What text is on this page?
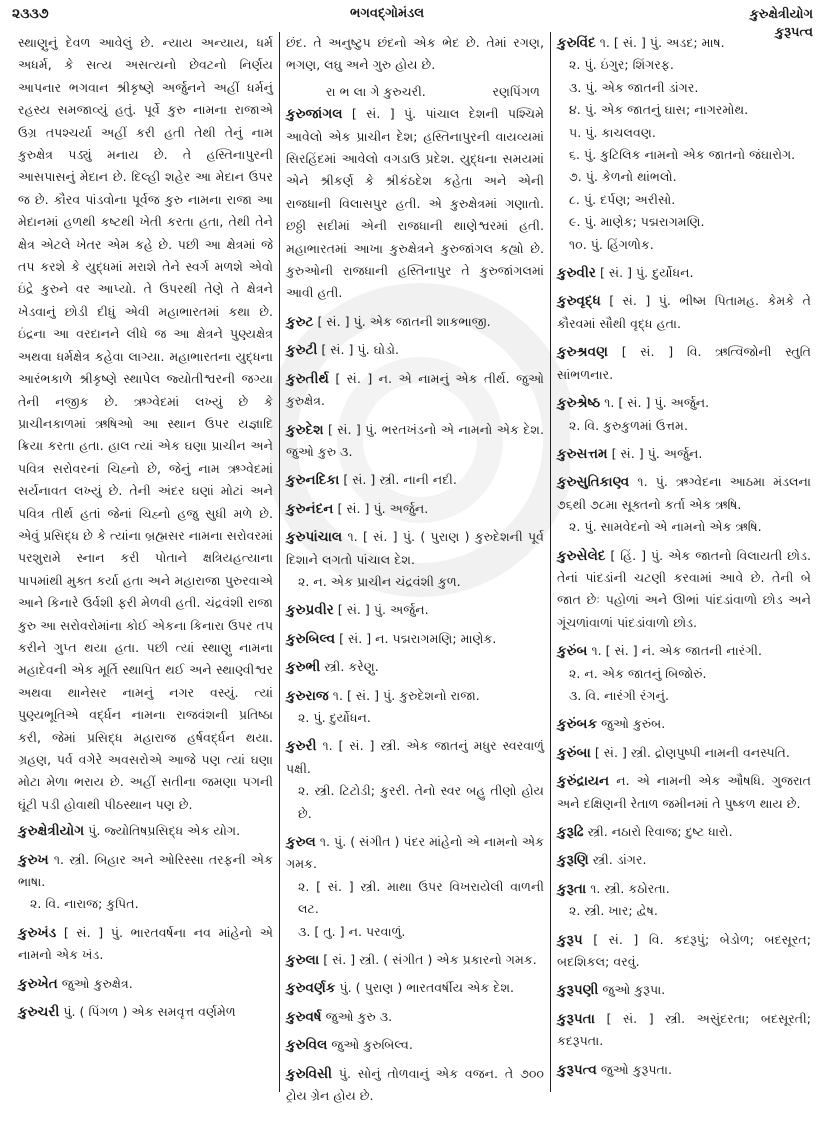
૨૩૩૭	ભગવદ્ગોમંડલ	કુરુક્ષેત્રીયોગ
કુરૂપત્વ

સ્થાણુનું દેવળ આવેલું છે. ન્યાય અન્યાય, ધર્મ અધર્મ, કે સત્ય અસત્યનો છેવટનો નિર્ણય આપનાર ભગવાન શ્રીકૃષ્ણે અર્જુનને અહીં ધર્મનું રહસ્ય સમજાવ્યું હતું. પૂર્વે કુરુ નામના રાજાએ ઉગ્ર તપશ્ચર્યા અહીં કરી હતી તેથી તેનું નામ કુરુક્ષેત્ર પડ્યું મનાય છે. તે હસ્તિનાપુરની આસપાસનું મેદાન છે. દિલ્હી શહેર આ મેદાન ઉપર જ છે. કૌરવ પાંડવોના પૂર્વજ કુરુ નામના રાજા આ મેદાનમાં હળથી કષ્ટથી ખેતી કરતા હતા, તેથી તેને ક્ષેત્ર એટલે ખેતર એમ કહે છે. પછી આ ક્ષેત્રમાં જે તપ કરશે કે યુદ્ધમાં મરાશે તેને સ્વર્ગ મળશે એવો ઇંદ્રે કુરુને વર આપ્યો. તે ઉપરથી તેણે તે ક્ષેત્રને ખેડવાનું છોડી દીધું એવી મહાભારતમાં કથા છે. ઇંદ્રના આ વરદાનને લીધે જ આ ક્ષેત્રને પુણ્યક્ષેત્ર અથવા ધર્મક્ષેત્ર કહેવા લાગ્યા. મહાભારતના યુદ્ધના આરંભકાળે શ્રીકૃષ્ણે સ્થાપેલ જ્યોતીશ્વરની જગ્યા તેની નજીક છે. ઋગ્વેદમાં લખ્યું છે કે પ્રાચીનકાળમાં ઋષિઓ આ સ્થાન ઉપર યજ્ઞાદિ ક્રિયા કરતા હતા. હાલ ત્યાં એક ઘણા પ્રાચીન અને પવિત્ર સરોવરનાં ચિહ્નો છે, જેનું નામ ઋગ્વેદમાં સર્યનાવત લખ્યું છે. તેની અંદર ઘણાં મોટાં અને પવિત્ર તીર્થ હતાં જેનાં ચિહ્નો હજુ સુધી મળે છે. એવું પ્રસિદ્ધ છે કે ત્યાંના બ્રહ્મસર નામના સરોવરમાં પરશુરામે સ્નાન કરી પોતાને ક્ષત્રિયહત્યાના પાપમાંથી મુક્ત કર્યા હતા અને મહારાજા પુરુરવાએ આને કિનારે ઉર્વશી ફરી મેળવી હતી. ચંદ્રવંશી રાજા કુરુ આ સરોવરોમાંના કોઈ એકના કિનારા ઉપર તપ કરીને ગુપ્ત થયા હતા. પછી ત્યાં સ્થાણુ નામના મહાદેવની એક મૂર્તિ સ્થાપિત થઈ અને સ્થાણ્વીશ્વર અથવા થાનેસર નામનું નગર વસ્યું. ત્યાં પુણ્યભૂતિએ વર્દ્ધન નામના રાજવંશની પ્રતિષ્ઠા કરી, જેમાં પ્રસિદ્ધ મહારાજ હર્ષવર્દ્ધન થયા. ગ્રહણ, પર્વ વગેરે અવસરોએ આજે પણ ત્યાં ઘણા મોટા મેળા ભરાય છે. અહીં સતીના જમણા પગની ઘૂંટી પડી હોવાથી પીઠસ્થાન પણ છે.

કુરુક્ષેત્રીયોગ પું. જ્યોતિષપ્રસિદ્ધ એક યોગ.
કુરુખ ૧. સ્ત્રી. બિહાર અને ઓરિસ્સા તરફની એક ભાષા.
૨. વિ. નારાજ; કુપિત.
કુરુખંડ [ સં. ] પું. ભારતવર્ષના નવ માંહેનો એ નામનો એક ખંડ.
કુરુખેત જુઓ કુરુક્ષેત્ર.
કુરુચરી પું. ( પિંગળ ) એક સમવૃત્ત વર્ણમેળ

છંદ. તે અનુષ્ટુપ છંદનો એક ભેદ છે. તેમાં રગણ, ભગણ, લઘુ અને ગુરુ હોય છે.

રા ભ લા ગે કુરુચરી.	રણપિંગળ
કુરુજાંગલ [ સં. ] પું. પાંચાલ દેશની પશ્ચિમે આવેલો એક પ્રાચીન દેશ; હસ્તિનાપુરની વાયવ્યમાં સિરહિંદમાં આવેલો વગડાઉ પ્રદેશ. યુદ્ધના સમયમાં એને શ્રીકર્ણ કે શ્રીકંઠદેશ કહેતા અને એની રાજધાની વિલાસપુર હતી. એ કુરુક્ષેત્રમાં ગણાતો. છઠ્ઠી સદીમાં એની રાજધાની થાણેશ્વરમાં હતી. મહાભારતમાં આખા કુરુક્ષેત્રને કુરુજાંગલ કહ્યો છે. કુરુઓની રાજધાની હસ્તિનાપુર તે કુરુજાંગલમાં આવી હતી.
કુરુટ [ સં. ] પું. એક જાતની શાકભાજી.
કુરુટી [ સં. ] પું. ઘોડો.
કુરુતીર્થ [ સં. ] ન. એ નામનું એક તીર્થ. જુઓ કુરુક્ષેત્ર.
કુરુદેશ [ સં. ] પું. ભરતખંડનો એ નામનો એક દેશ. જુઓ કુરુ ૩.
કુરુનદિકા [ સં. ] સ્ત્રી. નાની નદી.
કુરુનંદન [ સં. ] પું. અર્જુન.
કુરુપાંચાલ ૧. [ સં. ] પું. ( પુરાણ ) કુરુદેશની પૂર્વ દિશાને લગતો પાંચાલ દેશ.
૨. ન. એક પ્રાચીન ચંદ્રવંશી કુળ.
કુરુપ્રવીર [ સં. ] પું. અર્જુન.
કુરુબિલ્વ [ સં. ] ન. પદ્મરાગમણિ; માણેક.
કુરુભી સ્ત્રી. કરેણુ.
કુરુરાજ ૧. [ સં. ] પું. કુરુદેશનો રાજા.
૨. પું. દુર્યોધન.
કુરુરી ૧. [ સં. ] સ્ત્રી. એક જાતનું મધુર સ્વરવાળું પક્ષી.
૨. સ્ત્રી. ટિટોડી; કુરરી. તેનો સ્વર બહુ તીણો હોય છે.
કુરુલ ૧. પું. ( સંગીત ) પંદર માંહેનો એ નામનો એક ગમક.
૨. [ સં. ] સ્ત્રી. માથા ઉપર વિખરાયેલી વાળની લટ.
૩. [ તુ. ] ન. પરવાળું.
કુરુલા [ સં. ] સ્ત્રી. ( સંગીત ) એક પ્રકારનો ગમક.
કુરુવર્ણક પું. ( પુરાણ ) ભારતવર્ષીય એક દેશ.
કુરુવર્ષ જુઓ કુરુ ૩.
કુરુવિલ જુઓ કુરુબિલ્વ.
કુરુવિસી પું. સોનું તોળવાનું એક વજન. તે ૭૦૦ ટ્રોય ગ્રેન હોય છે.
કુરુવિંદ ૧. [ સં. ] પું. અડદ; માષ.
૨. પું. ઇંગુર; શિંગરફ.
૩. પું. એક જાતની ડાંગર.
૪. પું. એક જાતનું ઘાસ; નાગરમોથ.
૫. પું. કાચલવણ.
૬. પું. કુટિલિક નામનો એક જાતનો જંઘારોગ.
૭. પું. કેળનો થાંભલો.
૮. પું. દર્પણ; અરીસો.
૯. પું. માણેક; પદ્મરાગમણિ.
૧૦. પું. હિંગળોક.
કુરુવીર [ સં. ] પું. દુર્યોધન.
કુરુવૃદ્ધ [ સં. ] પું. ભીષ્મ પિતામહ. કેમકે તે કૌરવમાં સૌથી વૃદ્ધ હતા.
કુરુશ્રવણ [ સં. ] વિ. ઋત્વિજોની સ્તુતિ સાંભળનાર.
કુરુશ્રેષ્ઠ ૧. [ સં. ] પું. અર્જુન.
૨. વિ. કુરુકુળમાં ઉત્તમ.
કુરુસત્તમ [ સં. ] પું. અર્જુન.
કુરુસુતિકાણ્વ ૧. પું. ઋગ્વેદના આઠમા મંડલના ૭૬થી ૭૮મા સૂક્તનો કર્તા એક ઋષિ.
૨. પું. સામવેદનો એ નામનો એક ઋષિ.
કુરુસેલેદ [ હિં. ] પું. એક જાતનો વિલાયતી છોડ. તેનાં પાંદડાંની ચટણી કરવામાં આવે છે. તેની બે જાત છેઃ પહોળાં અને ઊભાં પાંદડાંવાળો છોડ અને ગૂંચળાંવાળાં પાંદડાંવાળો છોડ.
કુરુંબ ૧. [ સં. ] નં. એક જાતની નારંગી.
૨. ન. એક જાતનું બિજોરું.
૩. વિ. નારંગી રંગનું.
કુરુંબક જુઓ કુરુંબ.
કુરુંબા [ સં. ] સ્ત્રી. દ્રોણપુષ્પી નામની વનસ્પતિ.
કુરુંદ્રાયન ન. એ નામની એક ઔષધિ. ગુજરાત અને દક્ષિણની રેતાળ જમીનમાં તે પુષ્કળ થાય છે.
કુરૂઢિ સ્ત્રી. નઠારો રિવાજ; દુષ્ટ ધારો.
કુરૂણિ સ્ત્રી. ડાંગર.
કુરૂતા ૧. સ્ત્રી. કઠોરતા.
૨. સ્ત્રી. ખાર; દ્વેષ.
કુરૂપ [ સં. ] વિ. કદરૂપું; બેડોળ; બદસૂરત; બદશિકલ; વરવું.
કુરૂપણી જુઓ કુરૂપા.
કુરૂપતા [ સં. ] સ્ત્રી. અસુંદરતા; બદસૂરતી; કદરૂપતા.
કુરૂપત્વ જુઓ કુરૂપતા.
